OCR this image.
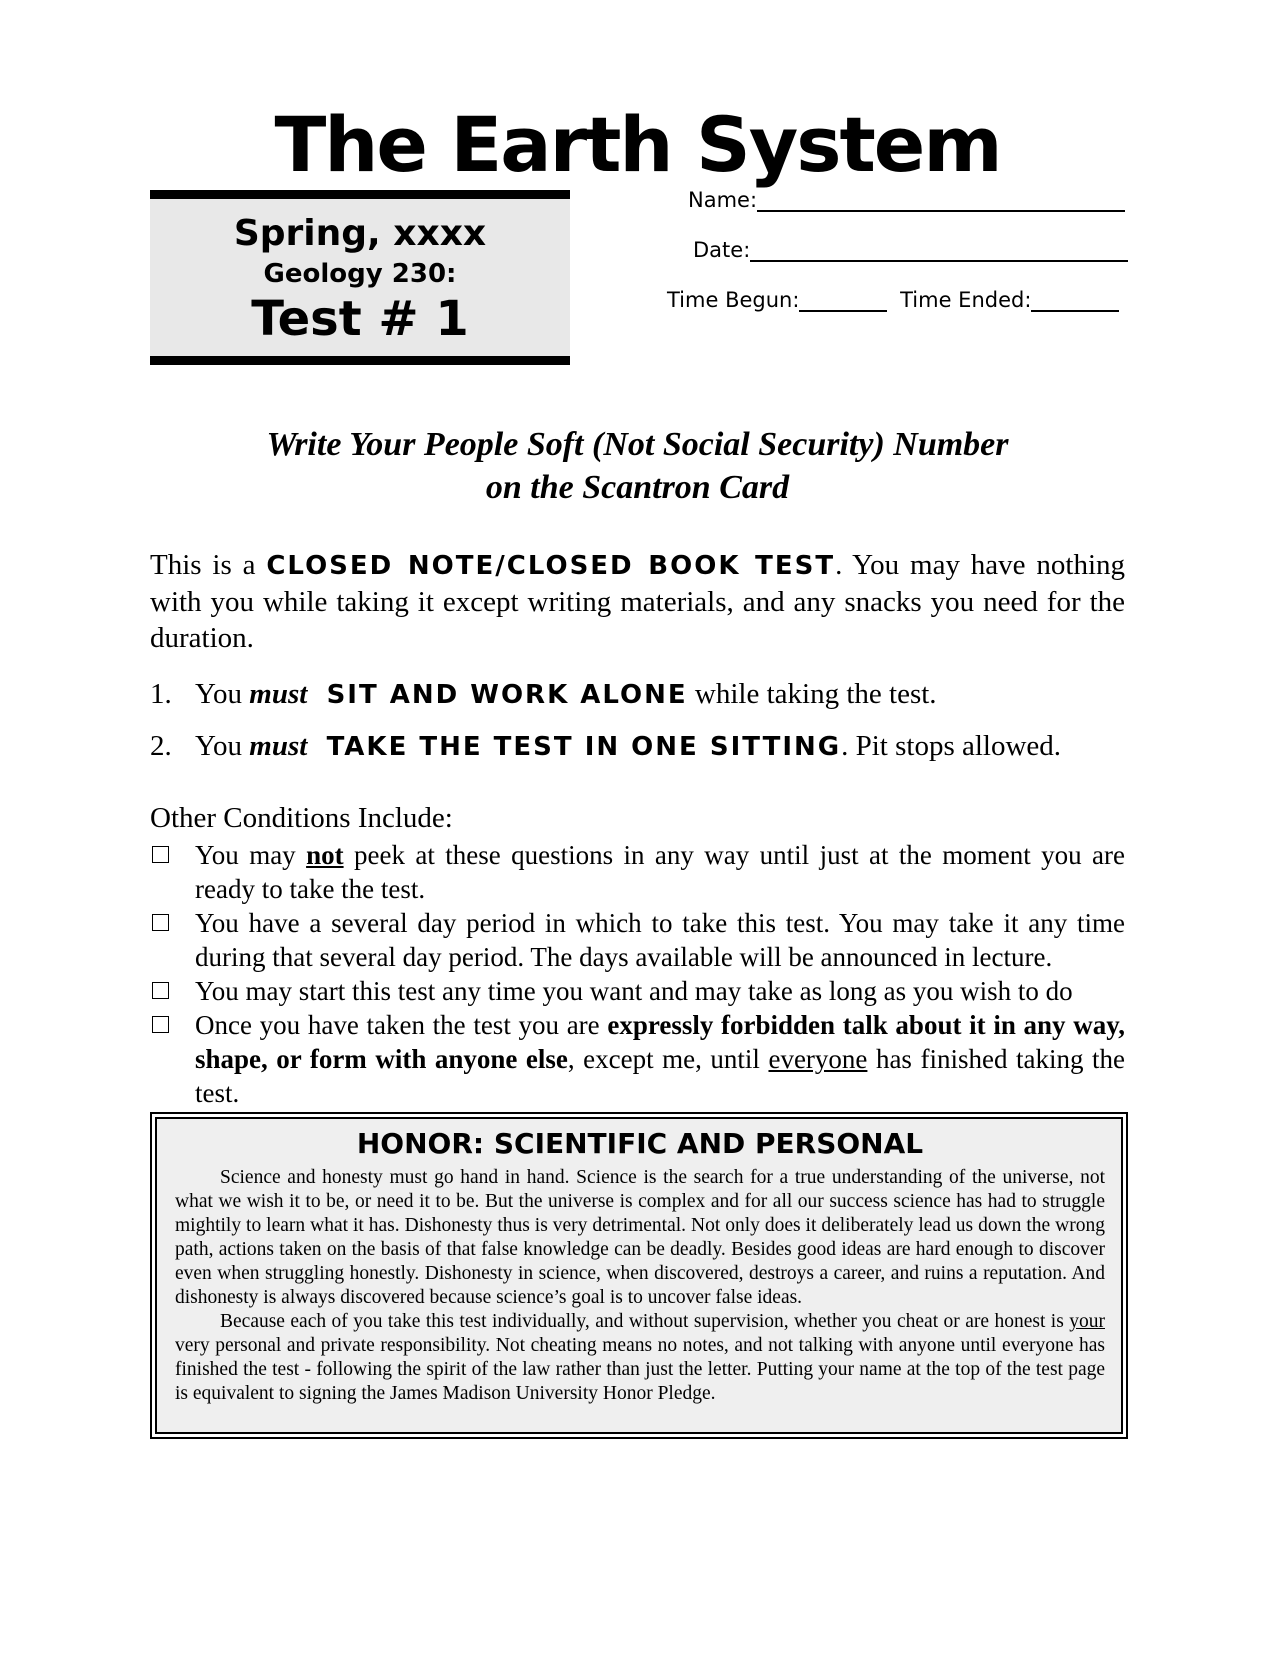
The Earth System
Spring, xxxx
Geology 230:
Test # 1
Name:
Date:
Time Begun:	Time Ended:
Write Your People Soft (Not Social Security) Number
on the Scantron Card
This is a CLOSED NOTE/CLOSED BOOK TEST. You may have nothing with you while taking it except writing materials, and any snacks you need for the duration.
1. You must SIT AND WORK ALONE while taking the test.
2. You must TAKE THE TEST IN ONE SITTING. Pit stops allowed.
Other Conditions Include:
You may not peek at these questions in any way until just at the moment you are ready to take the test.
You have a several day period in which to take this test. You may take it any time during that several day period. The days available will be announced in lecture.
You may start this test any time you want and may take as long as you wish to do
Once you have taken the test you are expressly forbidden talk about it in any way, shape, or form with anyone else, except me, until everyone has finished taking the test.
HONOR: SCIENTIFIC AND PERSONAL

Science and honesty must go hand in hand. Science is the search for a true understanding of the universe, not what we wish it to be, or need it to be. But the universe is complex and for all our success science has had to struggle mightily to learn what it has. Dishonesty thus is very detrimental. Not only does it deliberately lead us down the wrong path, actions taken on the basis of that false knowledge can be deadly. Besides good ideas are hard enough to discover even when struggling honestly. Dishonesty in science, when discovered, destroys a career, and ruins a reputation. And dishonesty is always discovered because science’s goal is to uncover false ideas.

Because each of you take this test individually, and without supervision, whether you cheat or are honest is your very personal and private responsibility. Not cheating means no notes, and not talking with anyone until everyone has finished the test - following the spirit of the law rather than just the letter. Putting your name at the top of the test page is equivalent to signing the James Madison University Honor Pledge.
